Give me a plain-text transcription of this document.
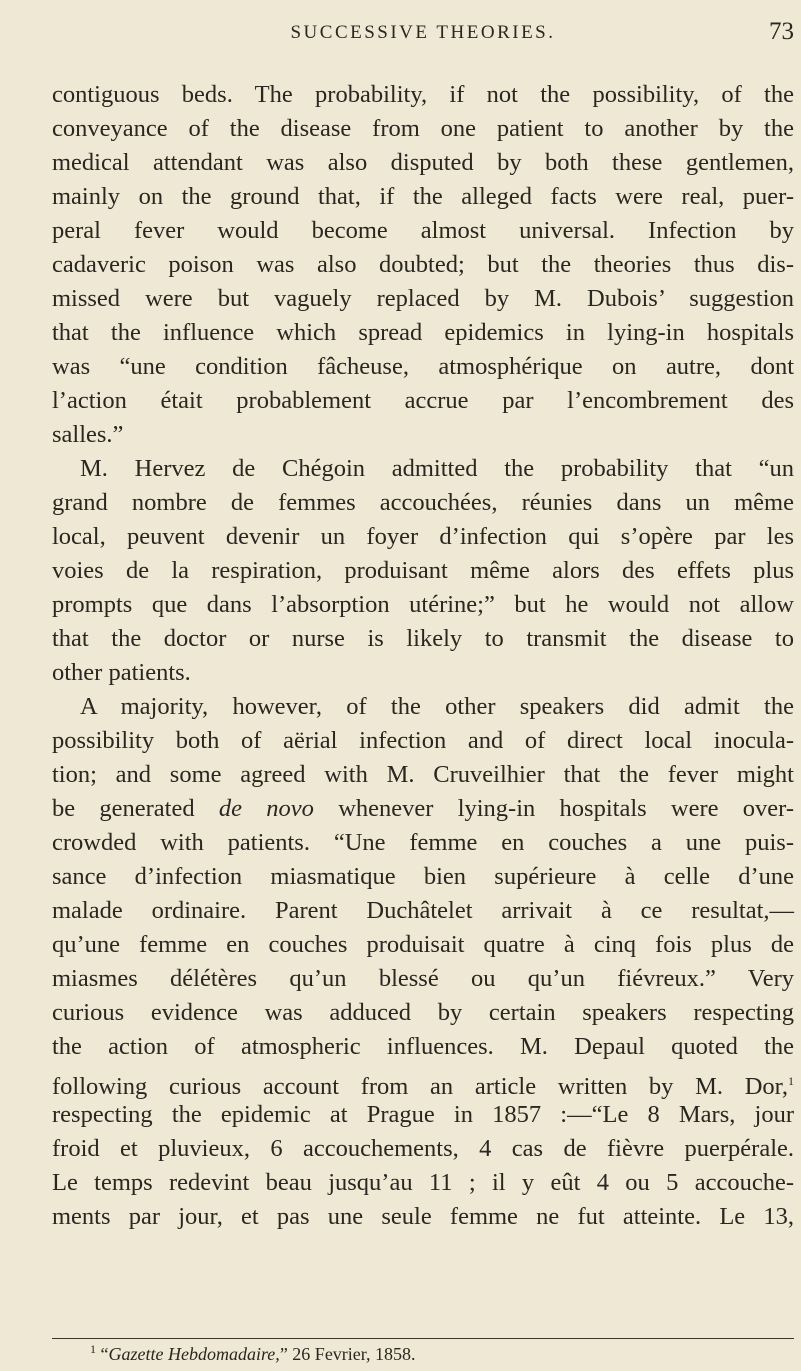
SUCCESSIVE THEORIES.	73
contiguous beds. The probability, if not the possibility, of the
conveyance of the disease from one patient to another by the
medical attendant was also disputed by both these gentlemen,
mainly on the ground that, if the alleged facts were real, puer-
peral fever would become almost universal. Infection by
cadaveric poison was also doubted; but the theories thus dis-
missed were but vaguely replaced by M. Dubois’ suggestion
that the influence which spread epidemics in lying-in hospitals
was “une condition fâcheuse, atmosphérique on autre, dont
l’action était probablement accrue par l’encombrement des
salles.”
M. Hervez de Chégoin admitted the probability that “un
grand nombre de femmes accouchées, réunies dans un même
local, peuvent devenir un foyer d’infection qui s’opère par les
voies de la respiration, produisant même alors des effets plus
prompts que dans l’absorption utérine;” but he would not allow
that the doctor or nurse is likely to transmit the disease to
other patients.
A majority, however, of the other speakers did admit the
possibility both of aërial infection and of direct local inocula-
tion; and some agreed with M. Cruveilhier that the fever might
be generated de novo whenever lying-in hospitals were over-
crowded with patients. “Une femme en couches a une puis-
sance d’infection miasmatique bien supérieure à celle d’une
malade ordinaire. Parent Duchâtelet arrivait à ce resultat,—
qu’une femme en couches produisait quatre à cinq fois plus de
miasmes délétères qu’un blessé ou qu’un fiévreux.” Very
curious evidence was adduced by certain speakers respecting
the action of atmospheric influences. M. Depaul quoted the
following curious account from an article written by M. Dor,$^1$
respecting the epidemic at Prague in 1857 :—“Le 8 Mars, jour
froid et pluvieux, 6 accouchements, 4 cas de fièvre puerpérale.
Le temps redevint beau jusqu’au 11 ; il y eût 4 ou 5 accouche-
ments par jour, et pas une seule femme ne fut atteinte. Le 13,
$^1$ “Gazette Hebdomadaire,” 26 Fevrier, 1858.
